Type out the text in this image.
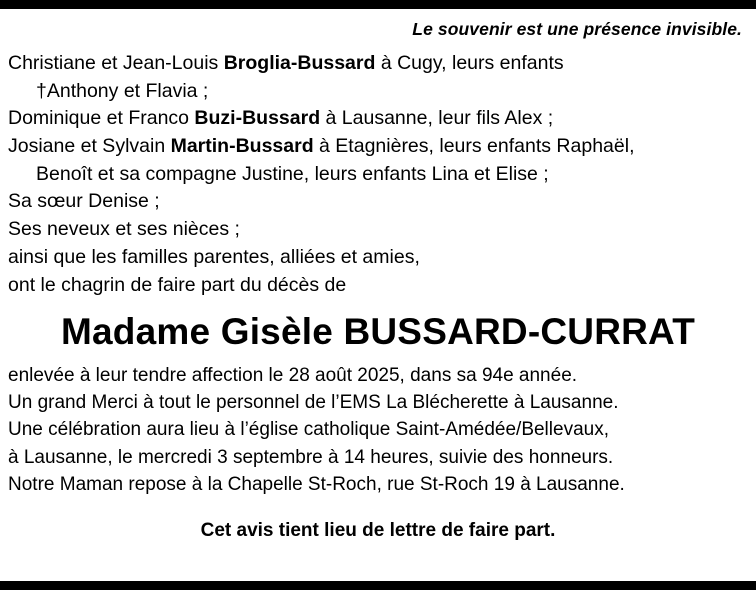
Le souvenir est une présence invisible.
Christiane et Jean-Louis Broglia-Bussard à Cugy, leurs enfants
†Anthony et Flavia ;
Dominique et Franco Buzi-Bussard à Lausanne, leur fils Alex ;
Josiane et Sylvain Martin-Bussard à Etagnières, leurs enfants Raphaël,
Benoît et sa compagne Justine, leurs enfants Lina et Elise ;
Sa sœur Denise ;
Ses neveux et ses nièces ;
ainsi que les familles parentes, alliées et amies,
ont le chagrin de faire part du décès de
Madame Gisèle BUSSARD-CURRAT
enlevée à leur tendre affection le 28 août 2025, dans sa 94e année.
Un grand Merci à tout le personnel de l’EMS La Blécherette à Lausanne.
Une célébration aura lieu à l’église catholique Saint-Amédée/Bellevaux,
à Lausanne, le mercredi 3 septembre à 14 heures, suivie des honneurs.
Notre Maman repose à la Chapelle St-Roch, rue St-Roch 19 à Lausanne.
Cet avis tient lieu de lettre de faire part.
